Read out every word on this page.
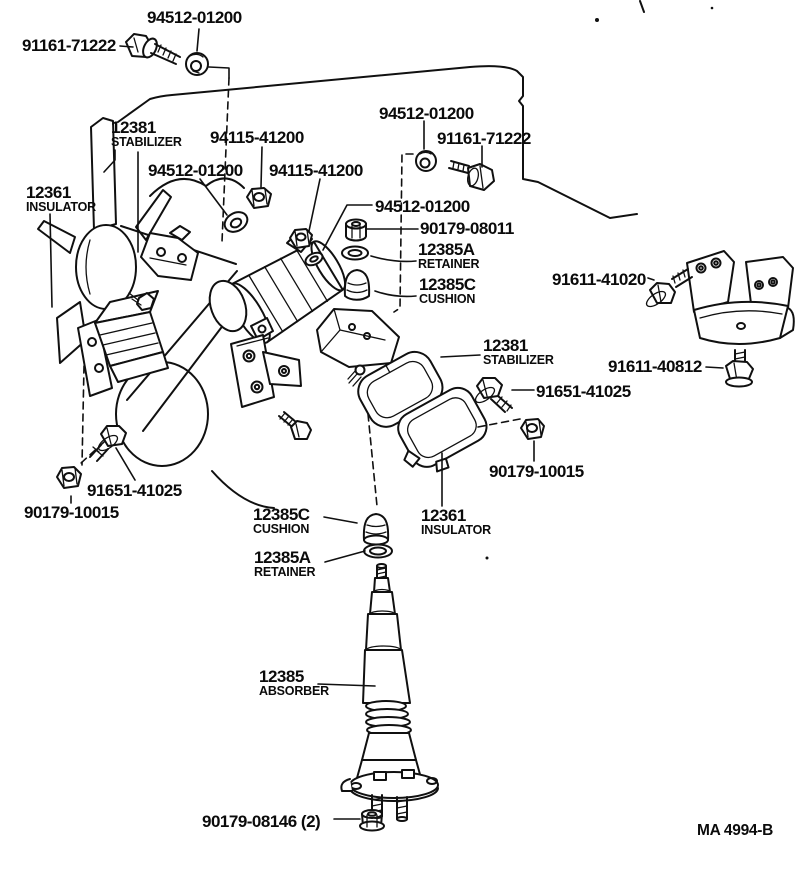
94512-01200
91161-71222
12381
STABILIZER 94115-41200
12361
INSULATOR
94512-01200 94115-41200
94512-01200
91161-71222
94512-01200
90179-08011
12385A
RETAINER
12385C
CUSHION
91611-41020
12381
STABILIZER	91611-40812
91651-41025
90179-10015
12361
INSULATOR
12385C
CUSHION
12385A
RETAINER
91651-41025
90179-10015
12385
ABSORBER
90179-08146 (2)	MA 4994-B
